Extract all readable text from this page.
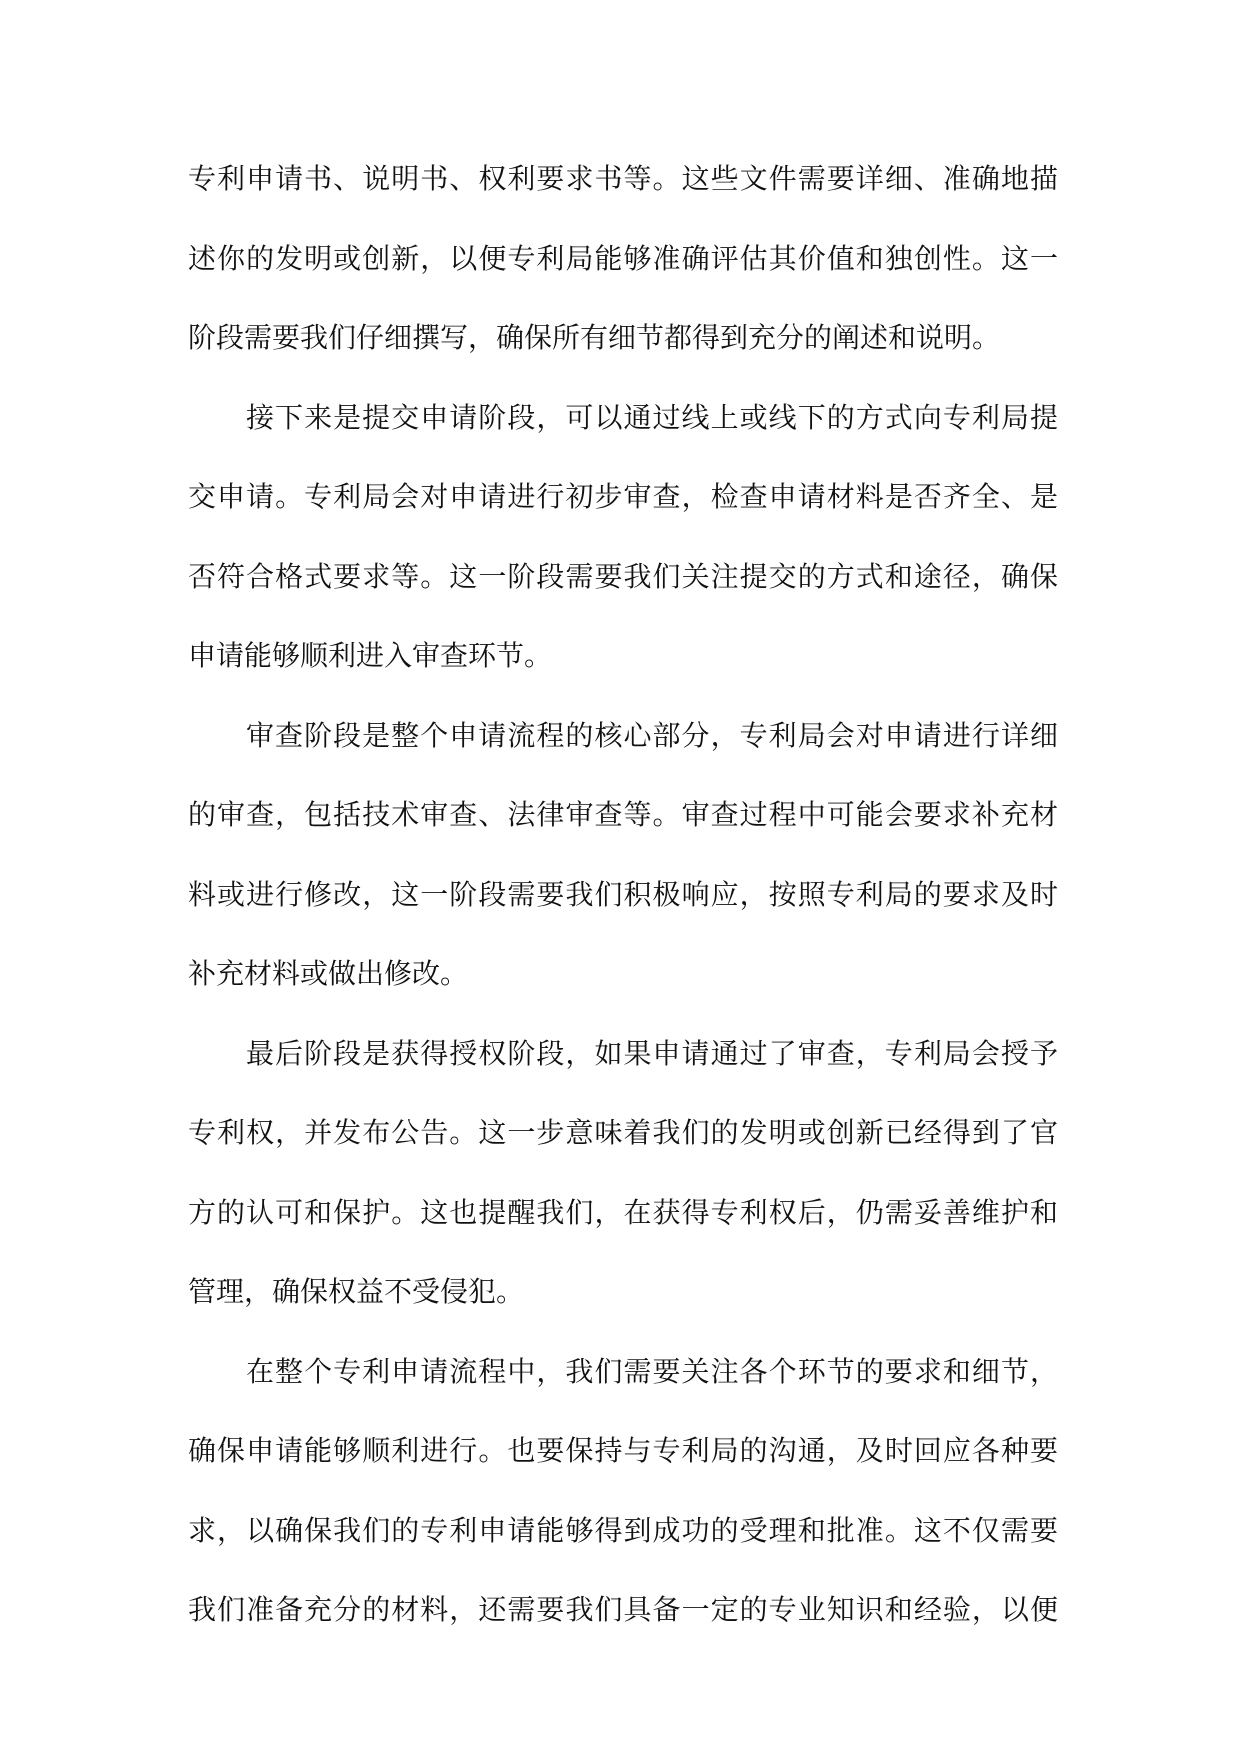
专利申请书、说明书、权利要求书等。这些文件需要详细、准确地描
述你的发明或创新，以便专利局能够准确评估其价值和独创性。这一
阶段需要我们仔细撰写，确保所有细节都得到充分的阐述和说明。
接下来是提交申请阶段，可以通过线上或线下的方式向专利局提
交申请。专利局会对申请进行初步审查，检查申请材料是否齐全、是
否符合格式要求等。这一阶段需要我们关注提交的方式和途径，确保
申请能够顺利进入审查环节。
审查阶段是整个申请流程的核心部分，专利局会对申请进行详细
的审查，包括技术审查、法律审查等。审查过程中可能会要求补充材
料或进行修改，这一阶段需要我们积极响应，按照专利局的要求及时
补充材料或做出修改。
最后阶段是获得授权阶段，如果申请通过了审查，专利局会授予
专利权，并发布公告。这一步意味着我们的发明或创新已经得到了官
方的认可和保护。这也提醒我们，在获得专利权后，仍需妥善维护和
管理，确保权益不受侵犯。
在整个专利申请流程中，我们需要关注各个环节的要求和细节，
确保申请能够顺利进行。也要保持与专利局的沟通，及时回应各种要
求，以确保我们的专利申请能够得到成功的受理和批准。这不仅需要
我们准备充分的材料，还需要我们具备一定的专业知识和经验，以便
